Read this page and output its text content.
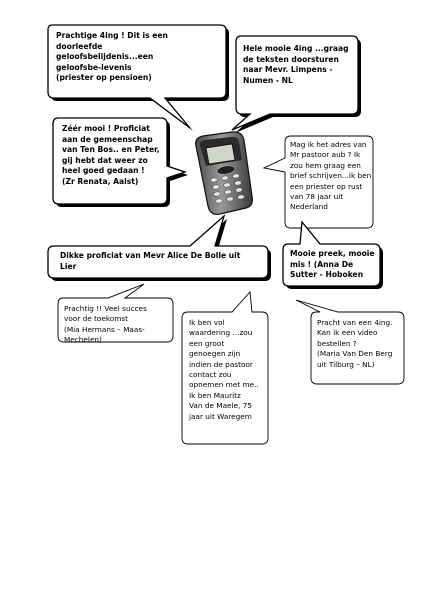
Prachtige 4ing ! Dit is een
doorleefde
geloofsbelijdenis...een
geloofsbe-levenis
(priester op pensioen)

Hele mooie 4ing ...graag
de teksten doorsturen
naar Mevr. Limpens -
Numen - NL

Zéér mooi ! Proficiat
aan de gemeenschap
van Ten Bos.. en Peter,
gij hebt dat weer zo
heel goed gedaan !
(Zr Renata, Aalst)

Mag ik het adres van
Mr pastoor aub ? Ik
zou hem graag een
brief schrijven...ik ben
een priester op rust
van 78 jaar uit
Nederland

Dikke proficiat van Mevr Alice De Bolle uit
Lier

Mooie preek, mooie
mis ! (Anna De
Sutter - Hoboken

Prachtig !! Veel succes
voor de toekomst
(Mia Hermans – Maas-
Mechelen)

Ik ben vol
waardering ...zou
een groot
genoegen zijn
indien de pastoor
contact zou
opnemen met me..
Ik ben Mauritz
Van de Maele, 75
jaar uit Waregem

Pracht van een 4ing.
Kan ik een video
bestellen ?
(Maria Van Den Berg
uit Tilburg – NL)
